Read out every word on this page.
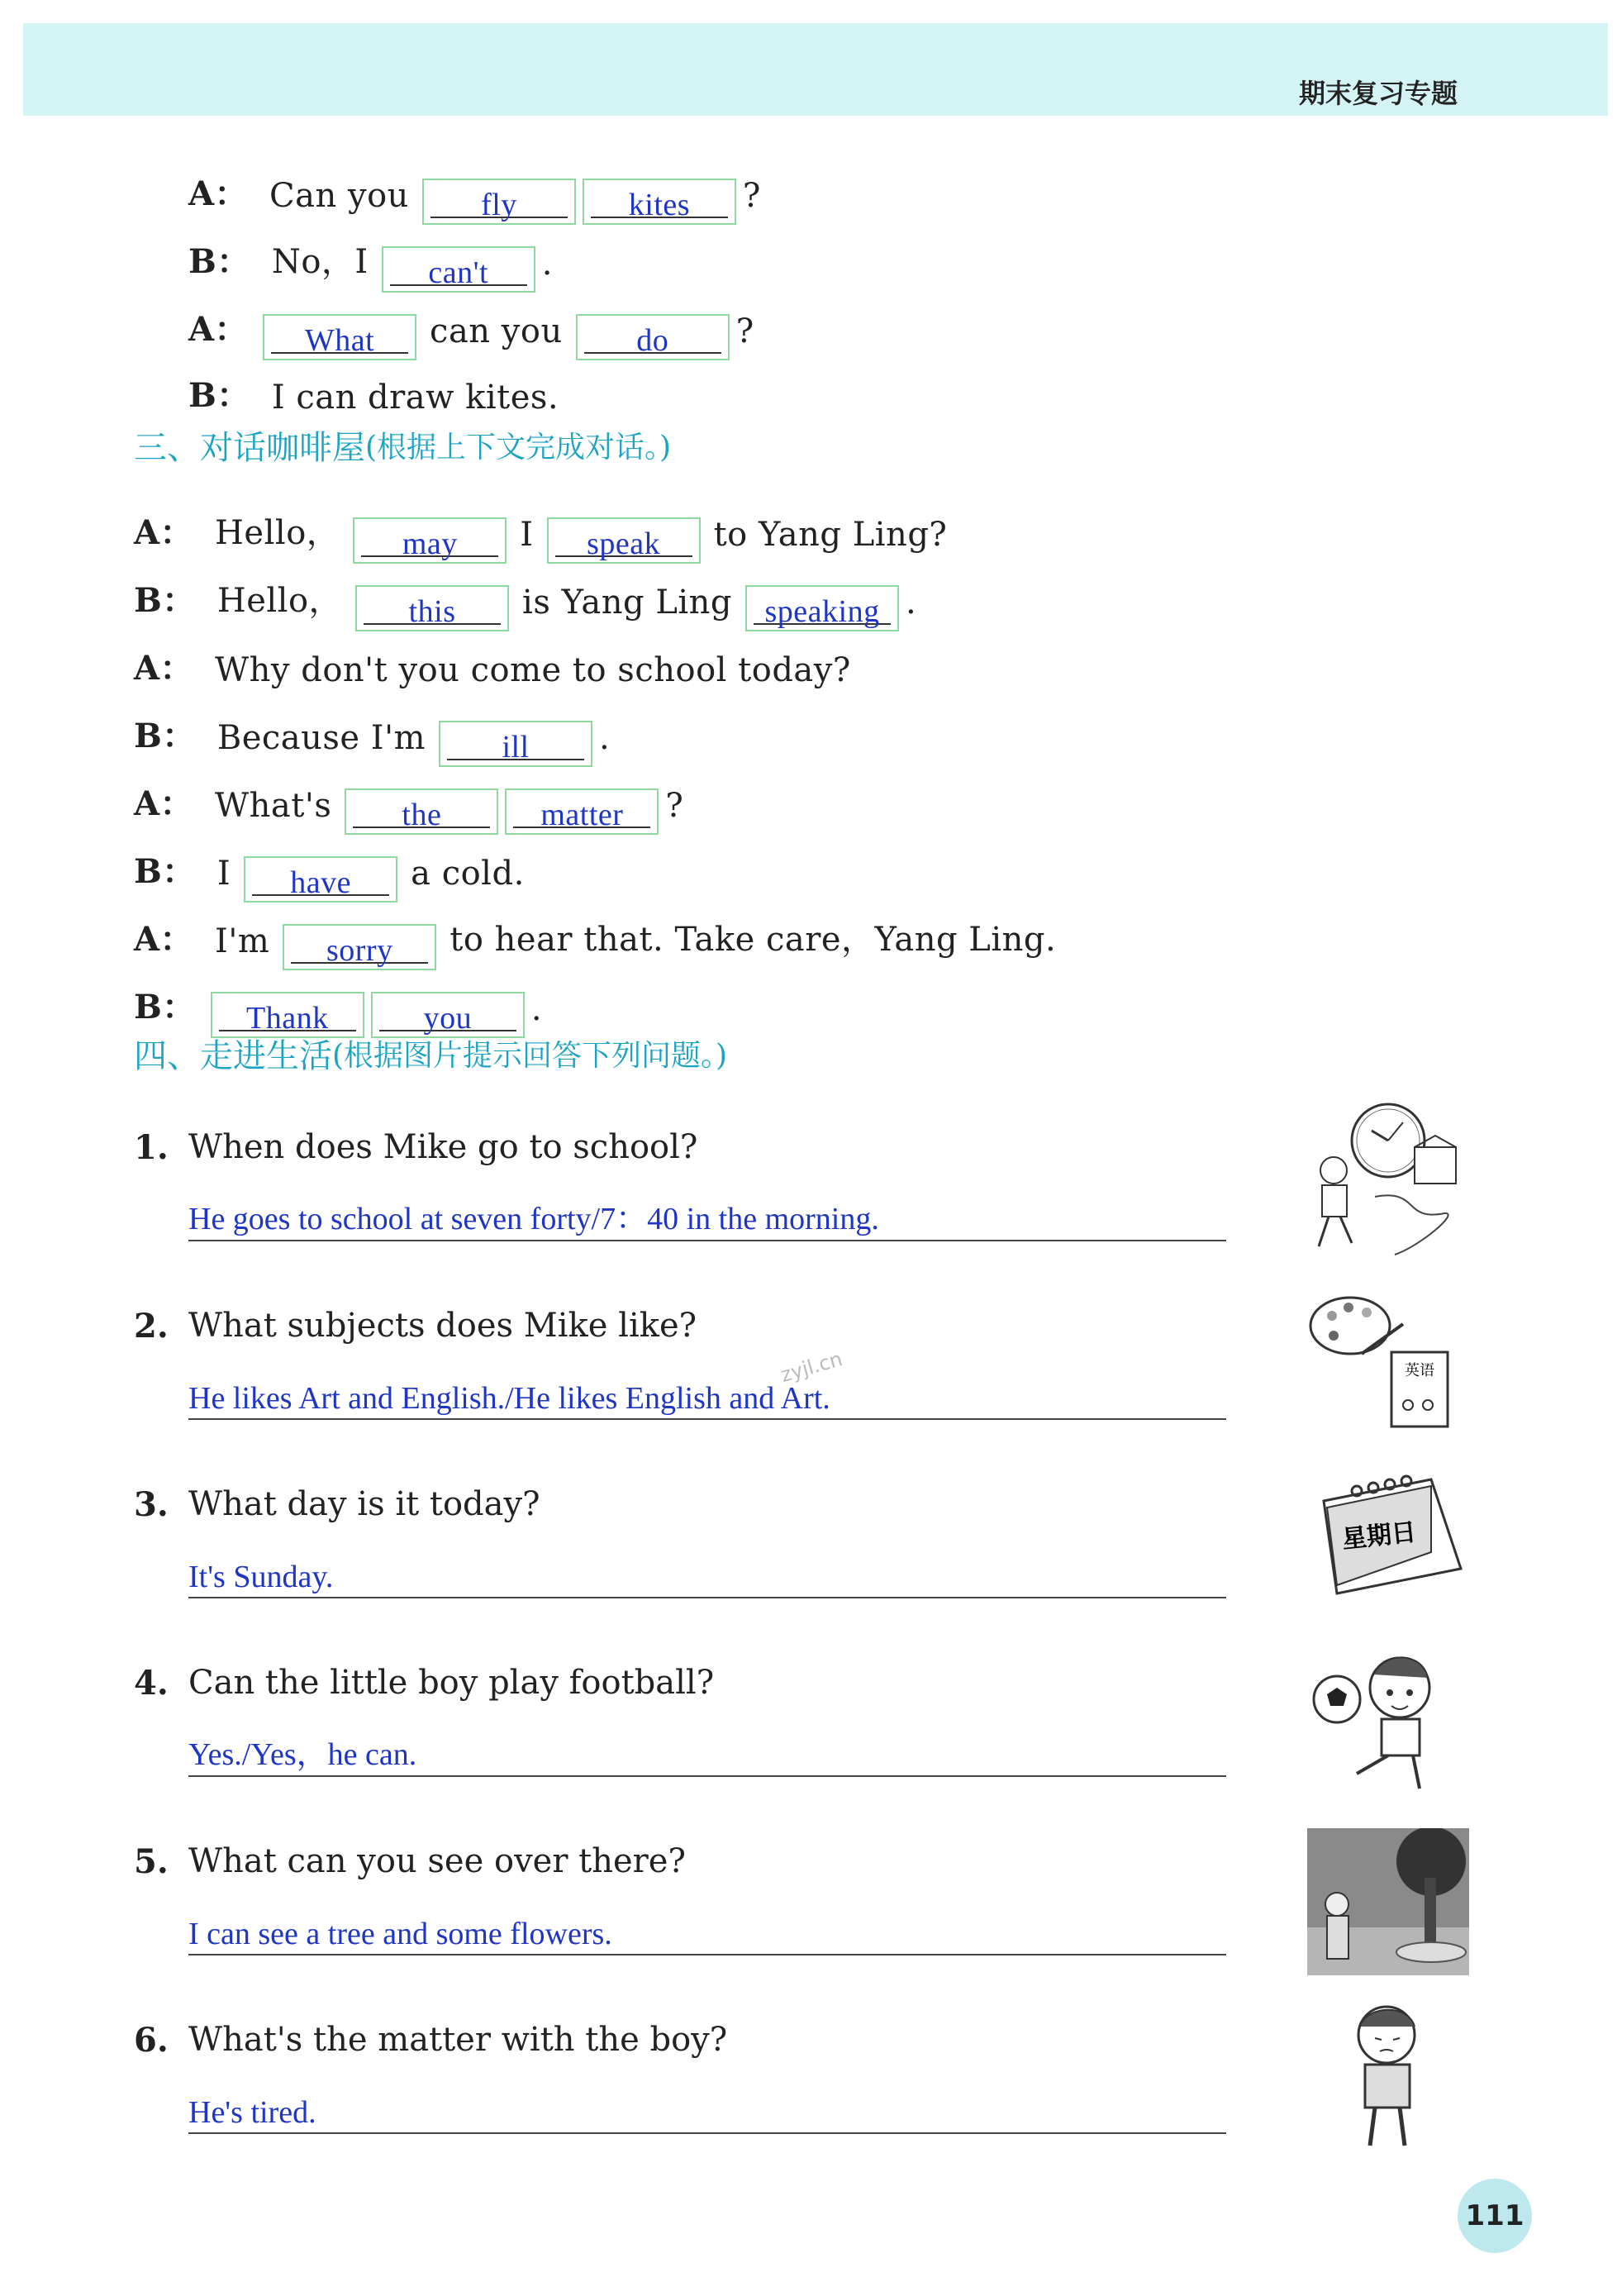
期末复习专题
A： Can you	fly	kites	?
B： No，I	can't	.
A：	What	can you	do	?
B： I can draw kites.
三、对话咖啡屋 (根据上下文完成对话。)
A： Hello，	may	I	speak	to Yang Ling?
B： Hello，	this	is Yang Ling	speaking .
A： Why don't you come to school today?
B： Because I'm	ill	.
A： What's	the	matter	?
B： I	have	a cold.
A： I'm	sorry	to hear that. Take care，Yang Ling.
B：	Thank	you	.
四、走进生活 (根据图片提示回答下列问题。)
1. When does Mike go to school?
He goes to school at seven forty/7：40 in the morning.
2. What subjects does Mike like?
He likes Art and English./He likes English and Art.
zyjl.cn	英语
3. What day is it today?
It's Sunday.
星期日
4. Can the little boy play football?
Yes./Yes，he can.
5. What can you see over there?
I can see a tree and some flowers.
6. What's the matter with the boy?
He's tired.
111
